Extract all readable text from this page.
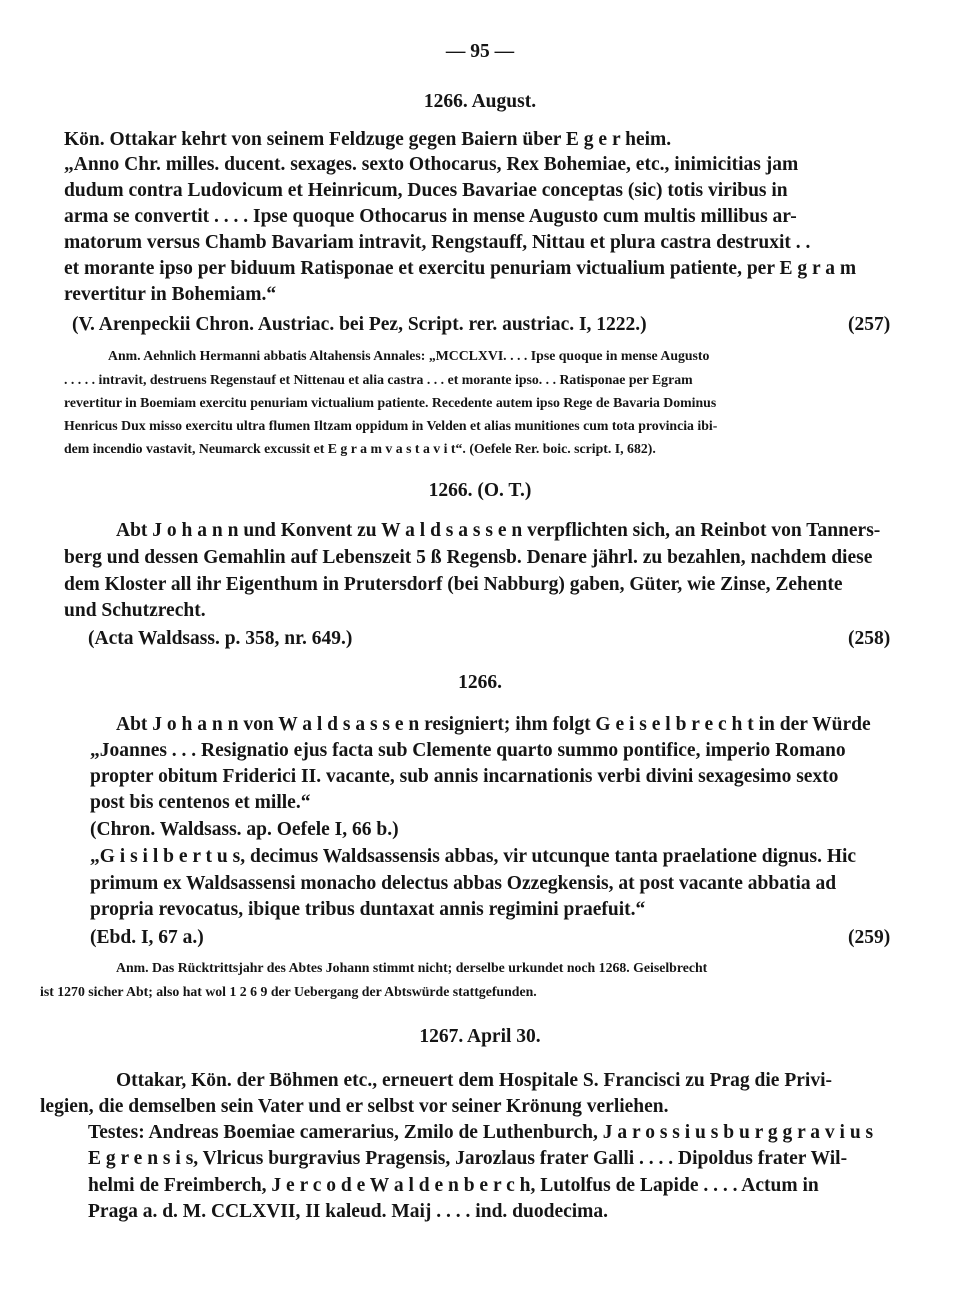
— 95 —
1266. August.
Kön. Ottakar kehrt von seinem Feldzuge gegen Baiern über E g e r heim.
„Anno Chr. milles. ducent. sexages. sexto Othocarus, Rex Bohemiae, etc., inimicitias jam
dudum contra Ludovicum et Heinricum, Duces Bavariae conceptas (sic) totis viribus in
arma se convertit . . . . Ipse quoque Othocarus in mense Augusto cum multis millibus ar-
matorum versus Chamb Bavariam intravit, Rengstauff, Nittau et plura castra destruxit . .
et morante ipso per biduum Ratisponae et exercitu penuriam victualium patiente, per E g r a m
revertitur in Bohemiam.“
(V. Arenpeckii Chron. Austriac. bei Pez, Script. rer. austriac. I, 1222.)	(257)
Anm. Aehnlich Hermanni abbatis Altahensis Annales: „MCCLXVI. . . . Ipse quoque in mense Augusto
. . . . . intravit, destruens Regenstauf et Nittenau et alia castra . . . et morante ipso. . . Ratisponae per Egram
revertitur in Boemiam exercitu penuriam victualium patiente. Recedente autem ipso Rege de Bavaria Dominus
Henricus Dux misso exercitu ultra flumen Iltzam oppidum in Velden et alias munitiones cum tota provincia ibi-
dem incendio vastavit, Neumarck excussit et E g r a m v a s t a v i t“. (Oefele Rer. boic. script. I, 682).
1266. (O. T.)
Abt J o h a n n und Konvent zu W a l d s a s s e n verpflichten sich, an Reinbot von Tanners-
berg und dessen Gemahlin auf Lebenszeit 5 ß Regensb. Denare jährl. zu bezahlen, nachdem diese
dem Kloster all ihr Eigenthum in Prutersdorf (bei Nabburg) gaben, Güter, wie Zinse, Zehente
und Schutzrecht.
(Acta Waldsass. p. 358, nr. 649.)	(258)
1266.
Abt J o h a n n von W a l d s a s s e n resigniert; ihm folgt G e i s e l b r e c h t in der Würde
„Joannes . . . Resignatio ejus facta sub Clemente quarto summo pontifice, imperio Romano
propter obitum Friderici II. vacante, sub annis incarnationis verbi divini sexagesimo sexto
post bis centenos et mille.“
(Chron. Waldsass. ap. Oefele I, 66 b.)
„G i s i l b e r t u s, decimus Waldsassensis abbas, vir utcunque tanta praelatione dignus. Hic
primum ex Waldsassensi monacho delectus abbas Ozzegkensis, at post vacante abbatia ad
propria revocatus, ibique tribus duntaxat annis regimini praefuit.“
(Ebd. I, 67 a.)	(259)
Anm. Das Rücktrittsjahr des Abtes Johann stimmt nicht; derselbe urkundet noch 1268. Geiselbrecht
ist 1270 sicher Abt; also hat wol 1 2 6 9 der Uebergang der Abtswürde stattgefunden.
1267. April 30.
Ottakar, Kön. der Böhmen etc., erneuert dem Hospitale S. Francisci zu Prag die Privi-
legien, die demselben sein Vater und er selbst vor seiner Krönung verliehen.
Testes: Andreas Boemiae camerarius, Zmilo de Luthenburch, J a r o s s i u s b u r g g r a v i u s
E g r e n s i s, Vlricus burgravius Pragensis, Jarozlaus frater Galli . . . . Dipoldus frater Wil-
helmi de Freimberch, J e r c o d e W a l d e n b e r c h, Lutolfus de Lapide . . . . Actum in
Praga a. d. M. CCLXVII, II kaleud. Maij . . . . ind. duodecima.
